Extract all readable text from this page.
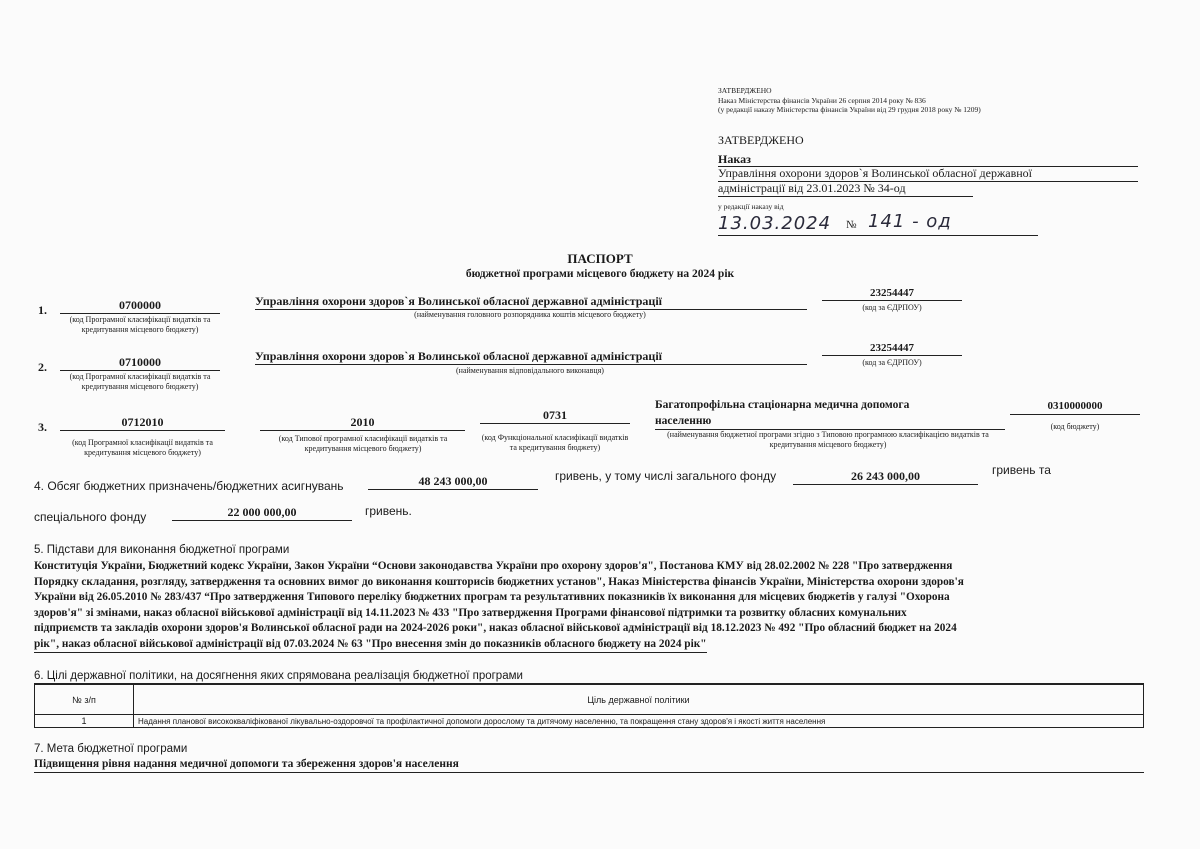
ЗАТВЕРДЖЕНО
Наказ Міністерства фінансів України 26 серпня 2014 року № 836
(у редакції наказу Міністерства фінансів України від 29 грудня 2018 року № 1209)
ЗАТВЕРДЖЕНО
Наказ
Управління охорони здоров`я Волинської обласної державної
адміністрації від 23.01.2023 № 34-од
у редакції наказу від
13.03.2024 № 141 - од
ПАСПОРТ
бюджетної програми місцевого бюджету на 2024 рік
1.	0700000
(код Програмної класифікації видатків та кредитування місцевого бюджету)
Управління охорони здоров`я Волинської обласної державної адміністрації
(найменування головного розпорядника коштів місцевого бюджету)
23254447
(код за ЄДРПОУ)
2.	0710000
(код Програмної класифікації видатків та кредитування місцевого бюджету)
Управління охорони здоров`я Волинської обласної державної адміністрації
(найменування відповідального виконавця)
23254447
(код за ЄДРПОУ)
3.	0712010
(код Програмної класифікації видатків та кредитування місцевого бюджету)
2010
(код Типової програмної класифікації видатків та кредитування місцевого бюджету)
0731
(код Функціональної класифікації видатків та кредитування бюджету)
Багатопрофільна стаціонарна медична допомога
населенню
(найменування бюджетної програми згідно з Типовою програмною класифікацією видатків та кредитування місцевого бюджету)
0310000000
(код бюджету)
4. Обсяг бюджетних призначень/бюджетних асигнувань	48 243 000,00	гривень, у тому числі загального фонду	26 243 000,00	гривень та
спеціального фонду	22 000 000,00	гривень.
5. Підстави для виконання бюджетної програми
Конституція України, Бюджетний кодекс України, Закон України “Основи законодавства України про охорону здоров'я", Постанова КМУ від 28.02.2002 № 228 "Про затвердження
Порядку складання, розгляду, затвердження та основних вимог до виконання кошторисів бюджетних установ", Наказ Міністерства фінансів України, Міністерства охорони здоров'я
України від 26.05.2010 № 283/437 “Про затвердження Типового переліку бюджетних програм та результативних показників їх виконання для місцевих бюджетів у галузі "Охорона
здоров'я" зі змінами, наказ обласної військової адміністрації від 14.11.2023 № 433 "Про затвердження Програми фінансової підтримки та розвитку обласних комунальних
підприємств та закладів охорони здоров'я Волинської обласної ради на 2024-2026 роки", наказ обласної військової адміністрації від 18.12.2023 № 492 "Про обласний бюджет на 2024
рік", наказ обласної військової адміністрації від 07.03.2024 № 63 "Про внесення змін до показників обласного бюджету на 2024 рік"
6. Цілі державної політики, на досягнення яких спрямована реалізація бюджетної програми
№ з/п	Ціль державної політики
1	Надання планової висококваліфікованої лікувально-оздоровчої та профілактичної допомоги дорослому та дитячому населенню, та покращення стану здоров'я і якості життя населення
7. Мета бюджетної програми
Підвищення рівня надання медичної допомоги та збереження здоров'я населення
